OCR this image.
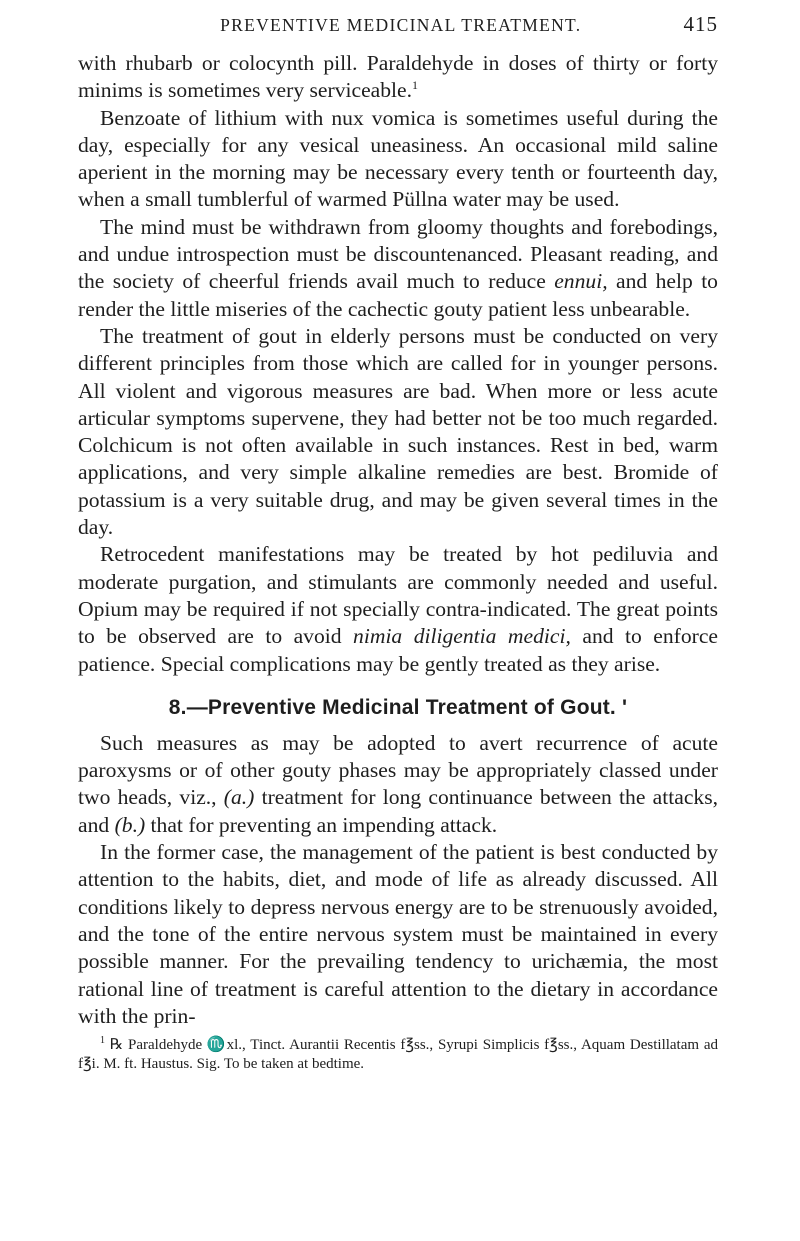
PREVENTIVE MEDICINAL TREATMENT.	415

with rhubarb or colocynth pill. Paraldehyde in doses of thirty or forty minims is sometimes very serviceable.$^1$

Benzoate of lithium with nux vomica is sometimes useful during the day, especially for any vesical uneasiness. An occasional mild saline aperient in the morning may be necessary every tenth or fourteenth day, when a small tumblerful of warmed Püllna water may be used.

The mind must be withdrawn from gloomy thoughts and forebodings, and undue introspection must be discountenanced. Pleasant reading, and the society of cheerful friends avail much to reduce ennui, and help to render the little miseries of the cachectic gouty patient less unbearable.

The treatment of gout in elderly persons must be conducted on very different principles from those which are called for in younger persons. All violent and vigorous measures are bad. When more or less acute articular symptoms supervene, they had better not be too much regarded. Colchicum is not often available in such instances. Rest in bed, warm applications, and very simple alkaline remedies are best. Bromide of potassium is a very suitable drug, and may be given several times in the day.

Retrocedent manifestations may be treated by hot pediluvia and moderate purgation, and stimulants are commonly needed and useful. Opium may be required if not specially contra-indicated. The great points to be observed are to avoid nimia diligentia medici, and to enforce patience. Special complications may be gently treated as they arise.

8.—Preventive Medicinal Treatment of Gout. '

Such measures as may be adopted to avert recurrence of acute paroxysms or of other gouty phases may be appropriately classed under two heads, viz., (a.) treatment for long continuance between the attacks, and (b.) that for preventing an impending attack.

In the former case, the management of the patient is best conducted by attention to the habits, diet, and mode of life as already discussed. All conditions likely to depress nervous energy are to be strenuously avoided, and the tone of the entire nervous system must be maintained in every possible manner. For the prevailing tendency to urichæmia, the most rational line of treatment is careful attention to the dietary in accordance with the prin-

$^1$ ℞ Paraldehyde ♏xl., Tinct. Aurantii Recentis f℥ss., Syrupi Simplicis f℥ss., Aquam Destillatam ad f℥i. M. ft. Haustus. Sig. To be taken at bedtime.
